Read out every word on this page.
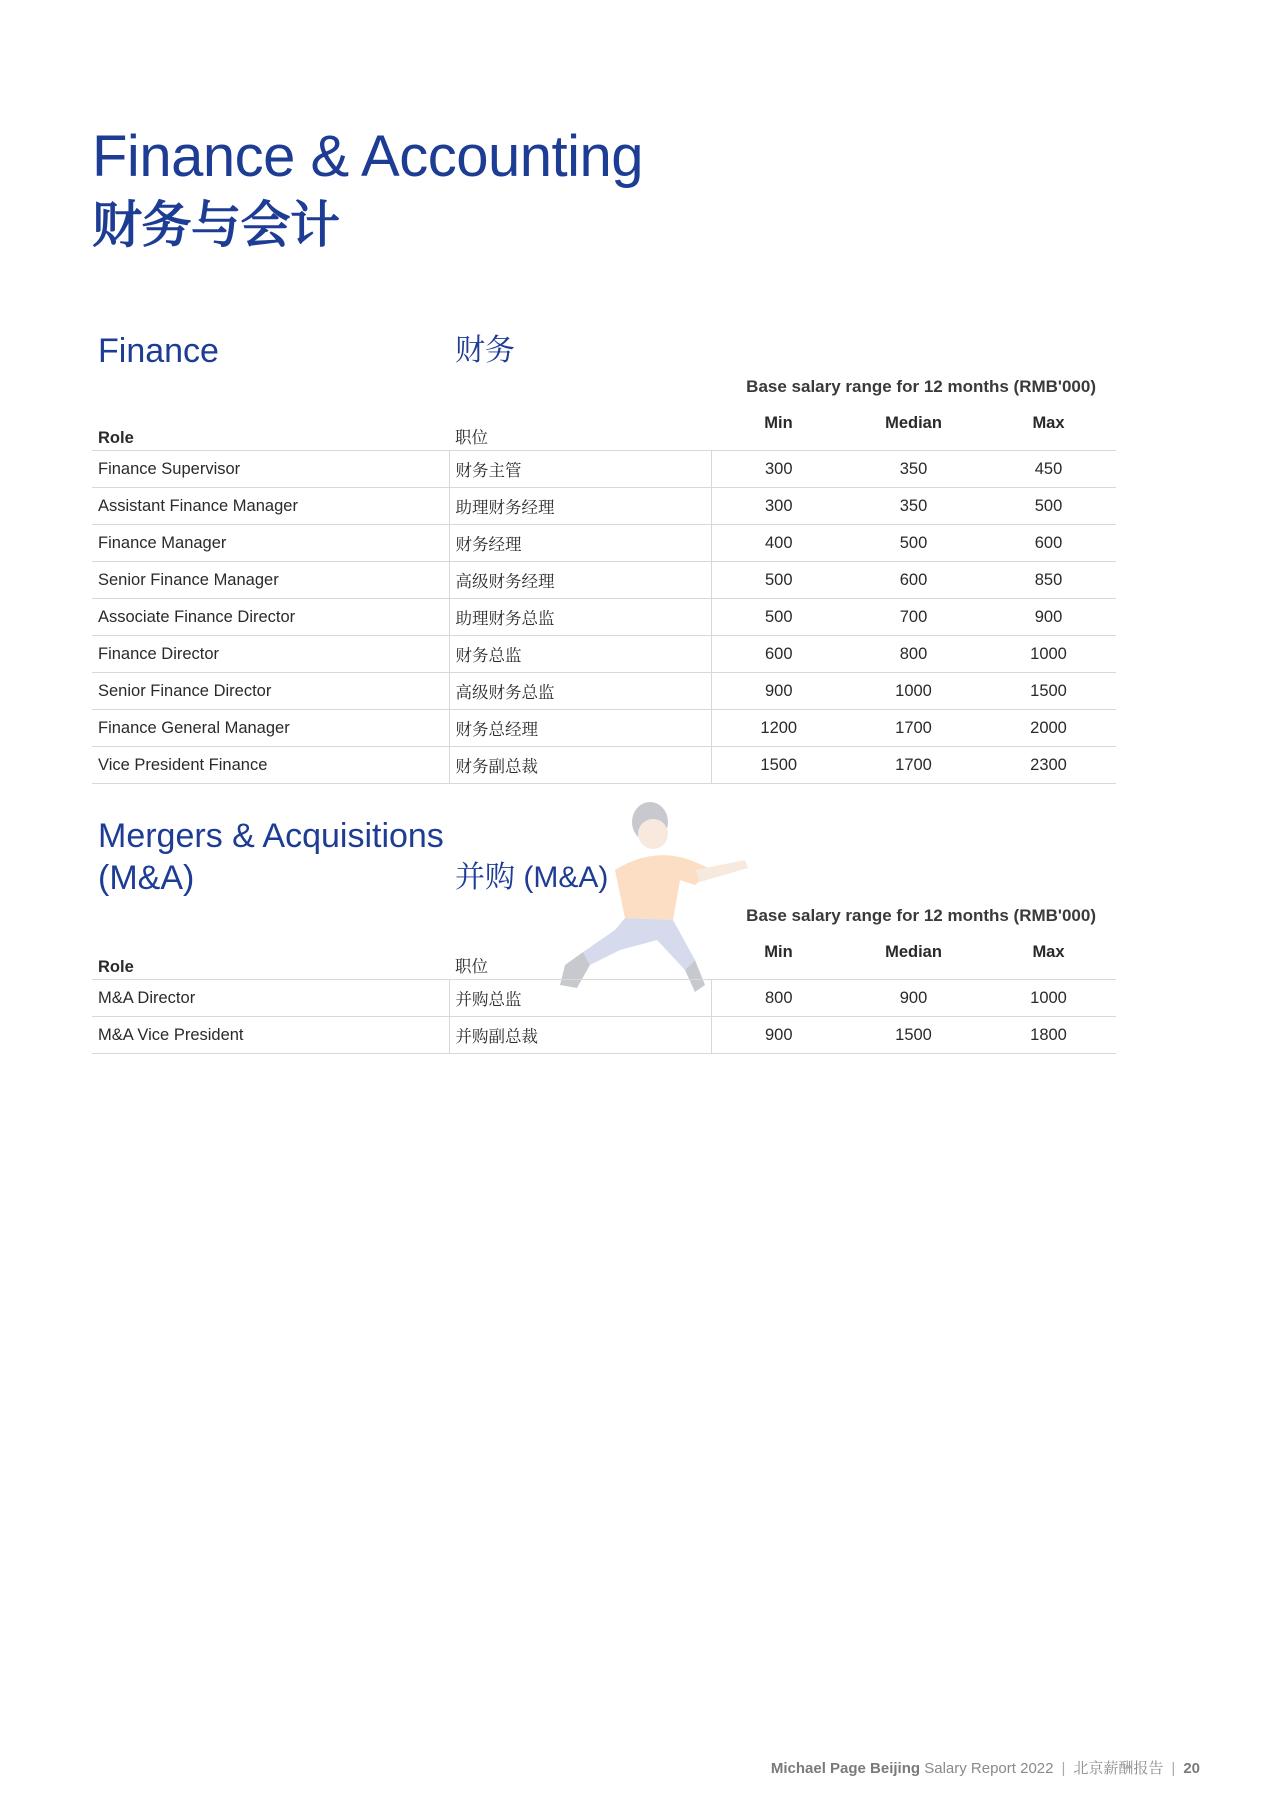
Finance & Accounting
财务与会计
Finance	财务
Base salary range for 12 months (RMB'000)
Role	职位	Min	Median	Max
Finance Supervisor	财务主管	300	350	450
Assistant Finance Manager	助理财务经理	300	350	500
Finance Manager	财务经理	400	500	600
Senior Finance Manager	高级财务经理	500	600	850
Associate Finance Director	助理财务总监	500	700	900
Finance Director	财务总监	600	800	1000
Senior Finance Director	高级财务总监	900	1000	1500
Finance General Manager	财务总经理	1200	1700	2000
Vice President Finance	财务副总裁	1500	1700	2300
Mergers & Acquisitions
(M&A)	并购 (M&A)
Base salary range for 12 months (RMB'000)
Role	职位	Min	Median	Max
M&A Director	并购总监	800	900	1000
M&A Vice President	并购副总裁	900	1500	1800
Michael Page Beijing Salary Report 2022 | 北京薪酬报告 | 20
